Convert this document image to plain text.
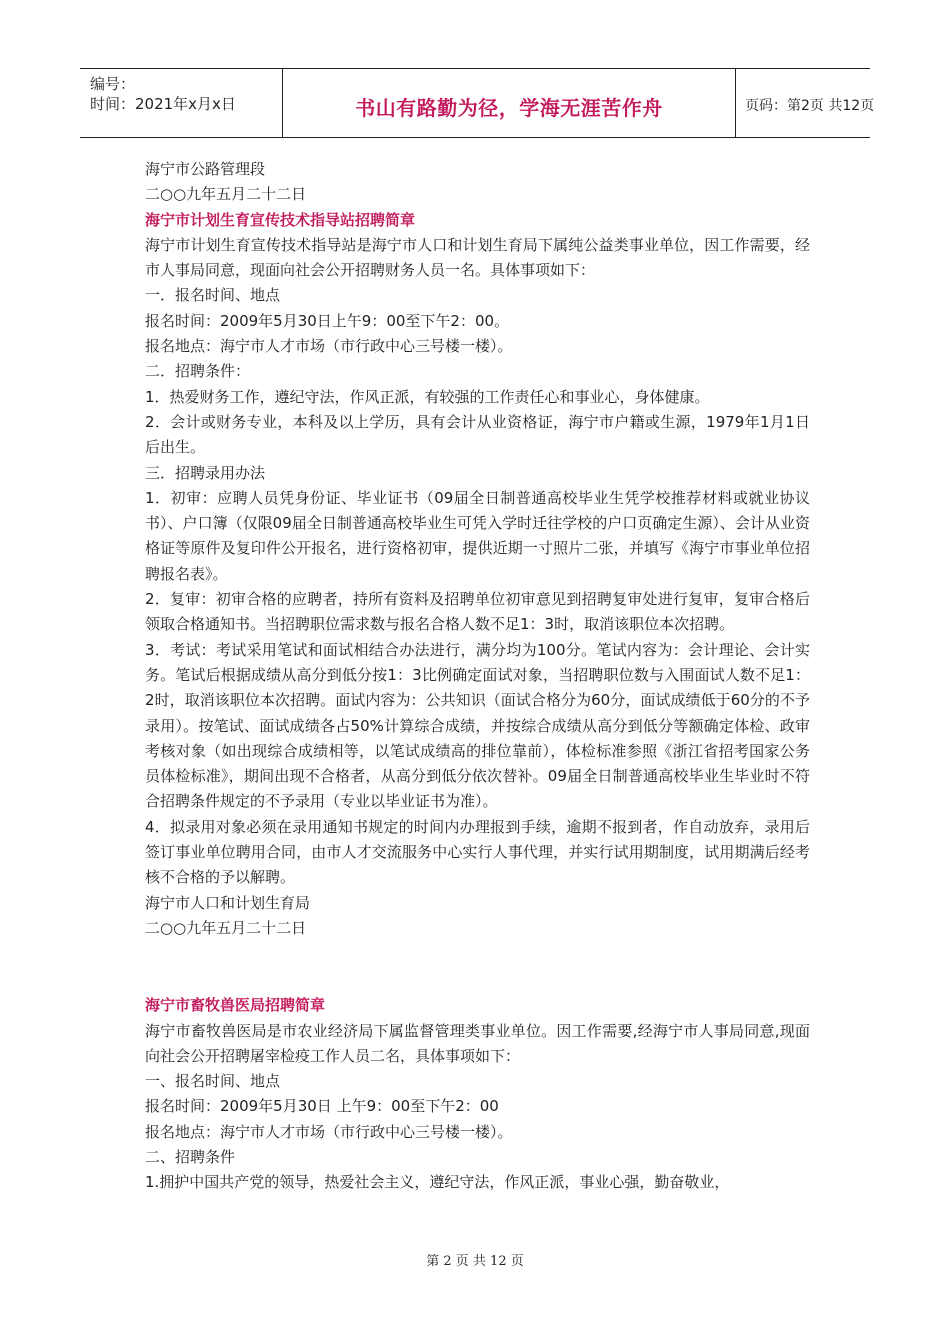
编号：
时间：2021年x月x日	书山有路勤为径，学海无涯苦作舟	页码：第2页 共12页

海宁市公路管理段

二○○九年五月二十二日

海宁市计划生育宣传技术指导站招聘简章

海宁市计划生育宣传技术指导站是海宁市人口和计划生育局下属纯公益类事业单位，因工作需要，经市人事局同意，现面向社会公开招聘财务人员一名。具体事项如下：

一．报名时间、地点

报名时间：2009年5月30日上午9：00至下午2：00。

报名地点：海宁市人才市场（市行政中心三号楼一楼）。

二．招聘条件：

1．热爱财务工作，遵纪守法，作风正派，有较强的工作责任心和事业心，身体健康。

2．会计或财务专业，本科及以上学历，具有会计从业资格证，海宁市户籍或生源，1979年1月1日后出生。

三．招聘录用办法

1．初审：应聘人员凭身份证、毕业证书（09届全日制普通高校毕业生凭学校推荐材料或就业协议书）、户口簿（仅限09届全日制普通高校毕业生可凭入学时迁往学校的户口页确定生源）、会计从业资格证等原件及复印件公开报名，进行资格初审，提供近期一寸照片二张，并填写《海宁市事业单位招聘报名表》。

2．复审：初审合格的应聘者，持所有资料及招聘单位初审意见到招聘复审处进行复审，复审合格后领取合格通知书。当招聘职位需求数与报名合格人数不足1：3时，取消该职位本次招聘。

3．考试：考试采用笔试和面试相结合办法进行，满分均为100分。笔试内容为：会计理论、会计实务。笔试后根据成绩从高分到低分按1：3比例确定面试对象，当招聘职位数与入围面试人数不足1：2时，取消该职位本次招聘。面试内容为：公共知识（面试合格分为60分，面试成绩低于60分的不予录用）。按笔试、面试成绩各占50%计算综合成绩，并按综合成绩从高分到低分等额确定体检、政审考核对象（如出现综合成绩相等，以笔试成绩高的排位靠前），体检标准参照《浙江省招考国家公务员体检标准》，期间出现不合格者，从高分到低分依次替补。09届全日制普通高校毕业生毕业时不符合招聘条件规定的不予录用（专业以毕业证书为准）。

4．拟录用对象必须在录用通知书规定的时间内办理报到手续，逾期不报到者，作自动放弃，录用后签订事业单位聘用合同，由市人才交流服务中心实行人事代理，并实行试用期制度，试用期满后经考核不合格的予以解聘。

海宁市人口和计划生育局

二○○九年五月二十二日

海宁市畜牧兽医局招聘简章

海宁市畜牧兽医局是市农业经济局下属监督管理类事业单位。因工作需要,经海宁市人事局同意,现面向社会公开招聘屠宰检疫工作人员二名，具体事项如下：

一、报名时间、地点

报名时间：2009年5月30日 上午9：00至下午2：00

报名地点：海宁市人才市场（市行政中心三号楼一楼）。

二、招聘条件

1.拥护中国共产党的领导，热爱社会主义，遵纪守法，作风正派，事业心强，勤奋敬业，

第 2 页 共 12 页
